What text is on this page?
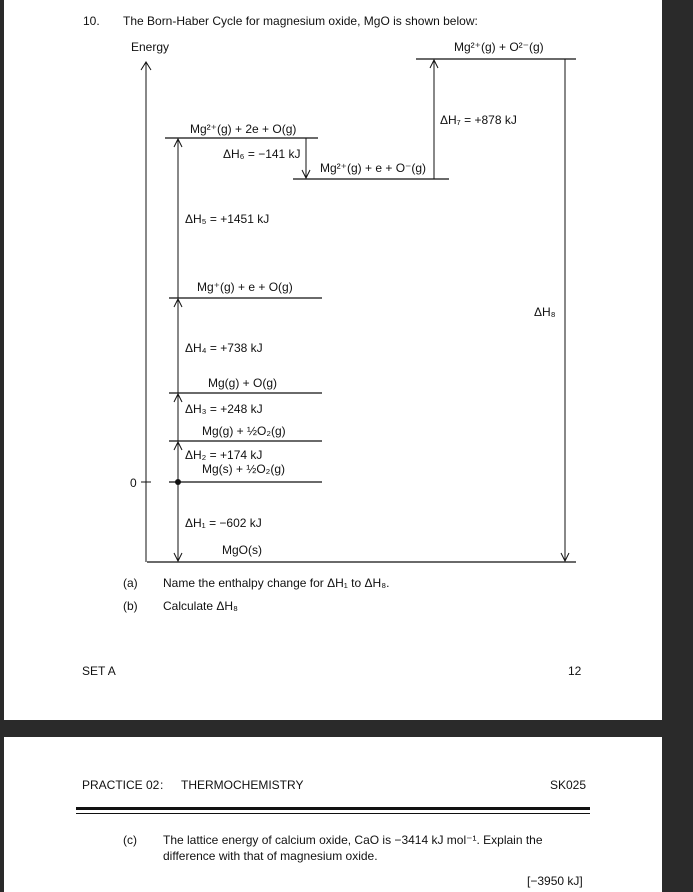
10. The Born-Haber Cycle for magnesium oxide, MgO is shown below:
Energy
0
Mg²⁺(g) + O²⁻(g)
Mg²⁺(g) + 2e + O(g)
Mg²⁺(g) + e + O⁻(g)
Mg⁺(g) + e + O(g)
Mg(g) + O(g)
Mg(g) + ½O₂(g)
Mg(s) + ½O₂(g)
MgO(s)
ΔH₁ = −602 kJ
ΔH₂ = +174 kJ
ΔH₃ = +248 kJ
ΔH₄ = +738 kJ
ΔH₅ = +1451 kJ
ΔH₆ = −141 kJ
ΔH₇ = +878 kJ
ΔH₈
(a) Name the enthalpy change for ΔH₁ to ΔH₈.
(b) Calculate ΔH₈
SET A	12
PRACTICE 02 : THERMOCHEMISTRY	SK025
(c) The lattice energy of calcium oxide, CaO is −3414 kJ mol⁻¹. Explain the
difference with that of magnesium oxide.
[−3950 kJ]
